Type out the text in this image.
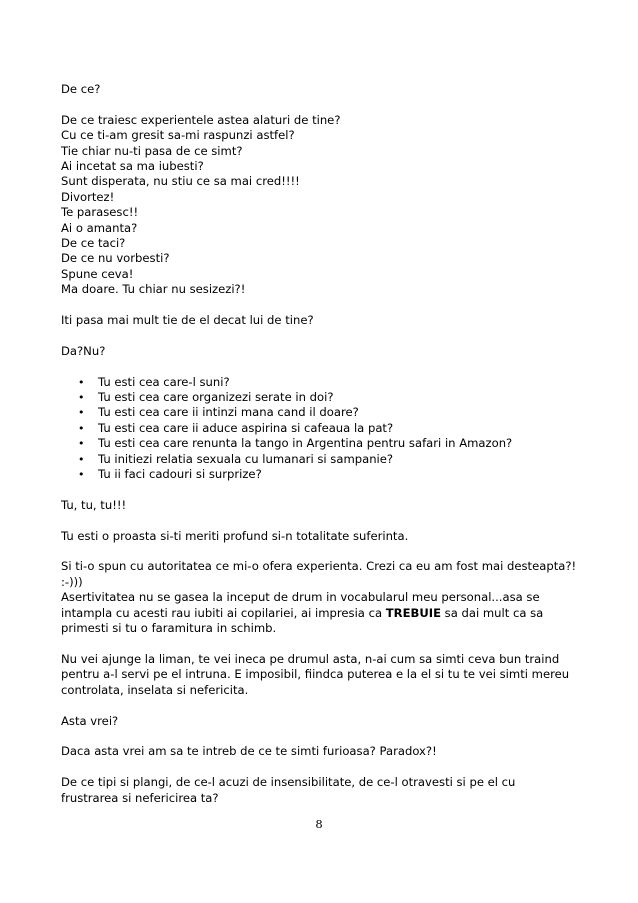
De ce?

De ce traiesc experientele astea alaturi de tine?
Cu ce ti-am gresit sa-mi raspunzi astfel?
Tie chiar nu-ti pasa de ce simt?
Ai incetat sa ma iubesti?
Sunt disperata, nu stiu ce sa mai cred!!!!
Divortez!
Te parasesc!!
Ai o amanta?
De ce taci?
De ce nu vorbesti?
Spune ceva!
Ma doare. Tu chiar nu sesizezi?!

Iti pasa mai mult tie de el decat lui de tine?

Da?Nu?

• Tu esti cea care-l suni?
• Tu esti cea care organizezi serate in doi?
• Tu esti cea care ii intinzi mana cand il doare?
• Tu esti cea care ii aduce aspirina si cafeaua la pat?
• Tu esti cea care renunta la tango in Argentina pentru safari in Amazon?
• Tu initiezi relatia sexuala cu lumanari si sampanie?
• Tu ii faci cadouri si surprize?

Tu, tu, tu!!!

Tu esti o proasta si-ti meriti profund si-n totalitate suferinta.

Si ti-o spun cu autoritatea ce mi-o ofera experienta. Crezi ca eu am fost mai desteapta?!
:-)))
Asertivitatea nu se gasea la inceput de drum in vocabularul meu personal...asa se
intampla cu acesti rau iubiti ai copilariei, ai impresia ca TREBUIE sa dai mult ca sa
primesti si tu o faramitura in schimb.

Nu vei ajunge la liman, te vei ineca pe drumul asta, n-ai cum sa simti ceva bun traind
pentru a-l servi pe el intruna. E imposibil, fiindca puterea e la el si tu te vei simti mereu
controlata, inselata si nefericita.

Asta vrei?

Daca asta vrei am sa te intreb de ce te simti furioasa? Paradox?!

De ce tipi si plangi, de ce-l acuzi de insensibilitate, de ce-l otravesti si pe el cu
frustrarea si nefericirea ta?

8
